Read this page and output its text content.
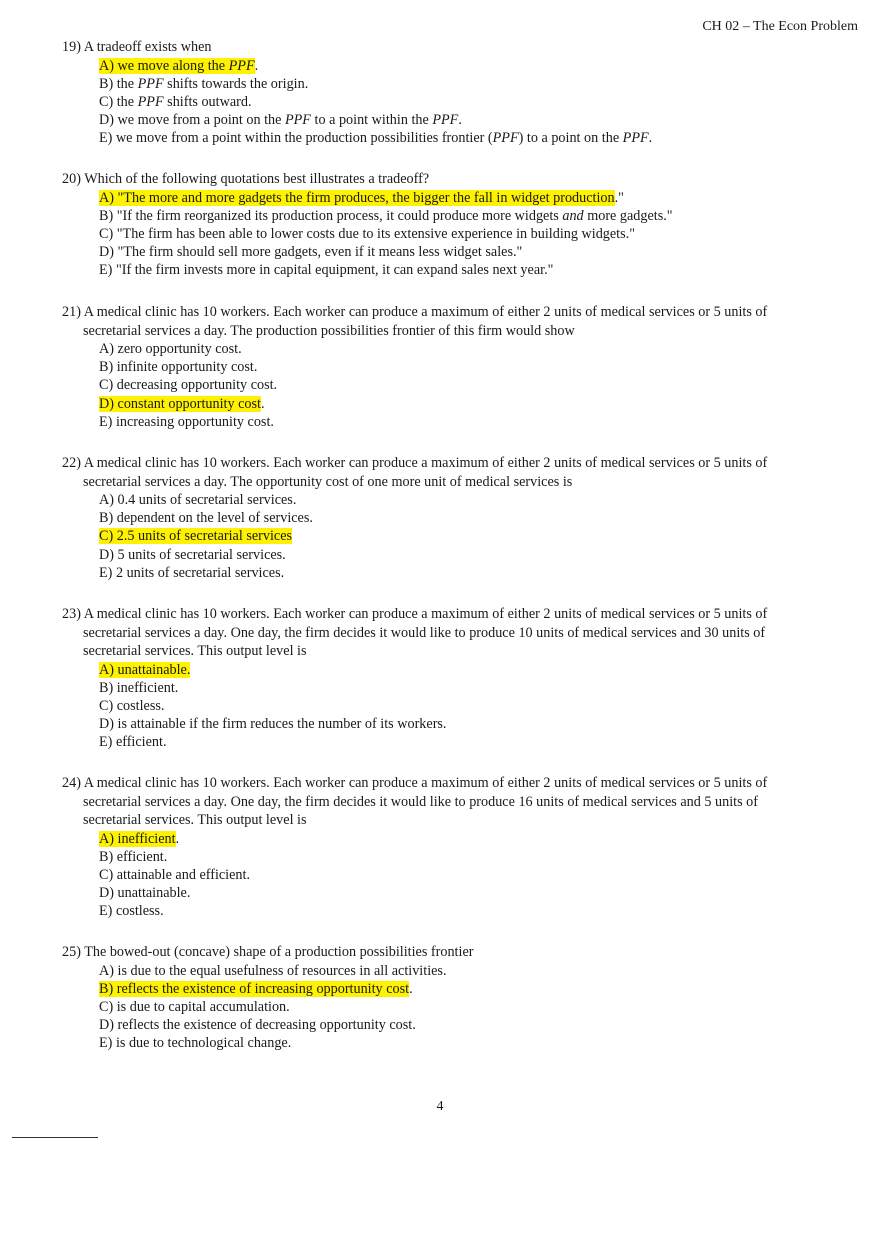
CH 02 – The Econ Problem
19) A tradeoff exists when
A) we move along the PPF.
B) the PPF shifts towards the origin.
C) the PPF shifts outward.
D) we move from a point on the PPF to a point within the PPF.
E) we move from a point within the production possibilities frontier (PPF) to a point on the PPF.
20) Which of the following quotations best illustrates a tradeoff?
A) "The more and more gadgets the firm produces, the bigger the fall in widget production."
B) "If the firm reorganized its production process, it could produce more widgets and more gadgets."
C) "The firm has been able to lower costs due to its extensive experience in building widgets."
D) "The firm should sell more gadgets, even if it means less widget sales."
E) "If the firm invests more in capital equipment, it can expand sales next year."
21) A medical clinic has 10 workers. Each worker can produce a maximum of either 2 units of medical services or 5 units of
secretarial services a day. The production possibilities frontier of this firm would show
A) zero opportunity cost.
B) infinite opportunity cost.
C) decreasing opportunity cost.
D) constant opportunity cost.
E) increasing opportunity cost.
22) A medical clinic has 10 workers. Each worker can produce a maximum of either 2 units of medical services or 5 units of
secretarial services a day. The opportunity cost of one more unit of medical services is
A) 0.4 units of secretarial services.
B) dependent on the level of services.
C) 2.5 units of secretarial services
D) 5 units of secretarial services.
E) 2 units of secretarial services.
23) A medical clinic has 10 workers. Each worker can produce a maximum of either 2 units of medical services or 5 units of
secretarial services a day. One day, the firm decides it would like to produce 10 units of medical services and 30 units of
secretarial services. This output level is
A) unattainable.
B) inefficient.
C) costless.
D) is attainable if the firm reduces the number of its workers.
E) efficient.
24) A medical clinic has 10 workers. Each worker can produce a maximum of either 2 units of medical services or 5 units of
secretarial services a day. One day, the firm decides it would like to produce 16 units of medical services and 5 units of
secretarial services. This output level is
A) inefficient.
B) efficient.
C) attainable and efficient.
D) unattainable.
E) costless.
25) The bowed-out (concave) shape of a production possibilities frontier
A) is due to the equal usefulness of resources in all activities.
B) reflects the existence of increasing opportunity cost.
C) is due to capital accumulation.
D) reflects the existence of decreasing opportunity cost.
E) is due to technological change.
4
